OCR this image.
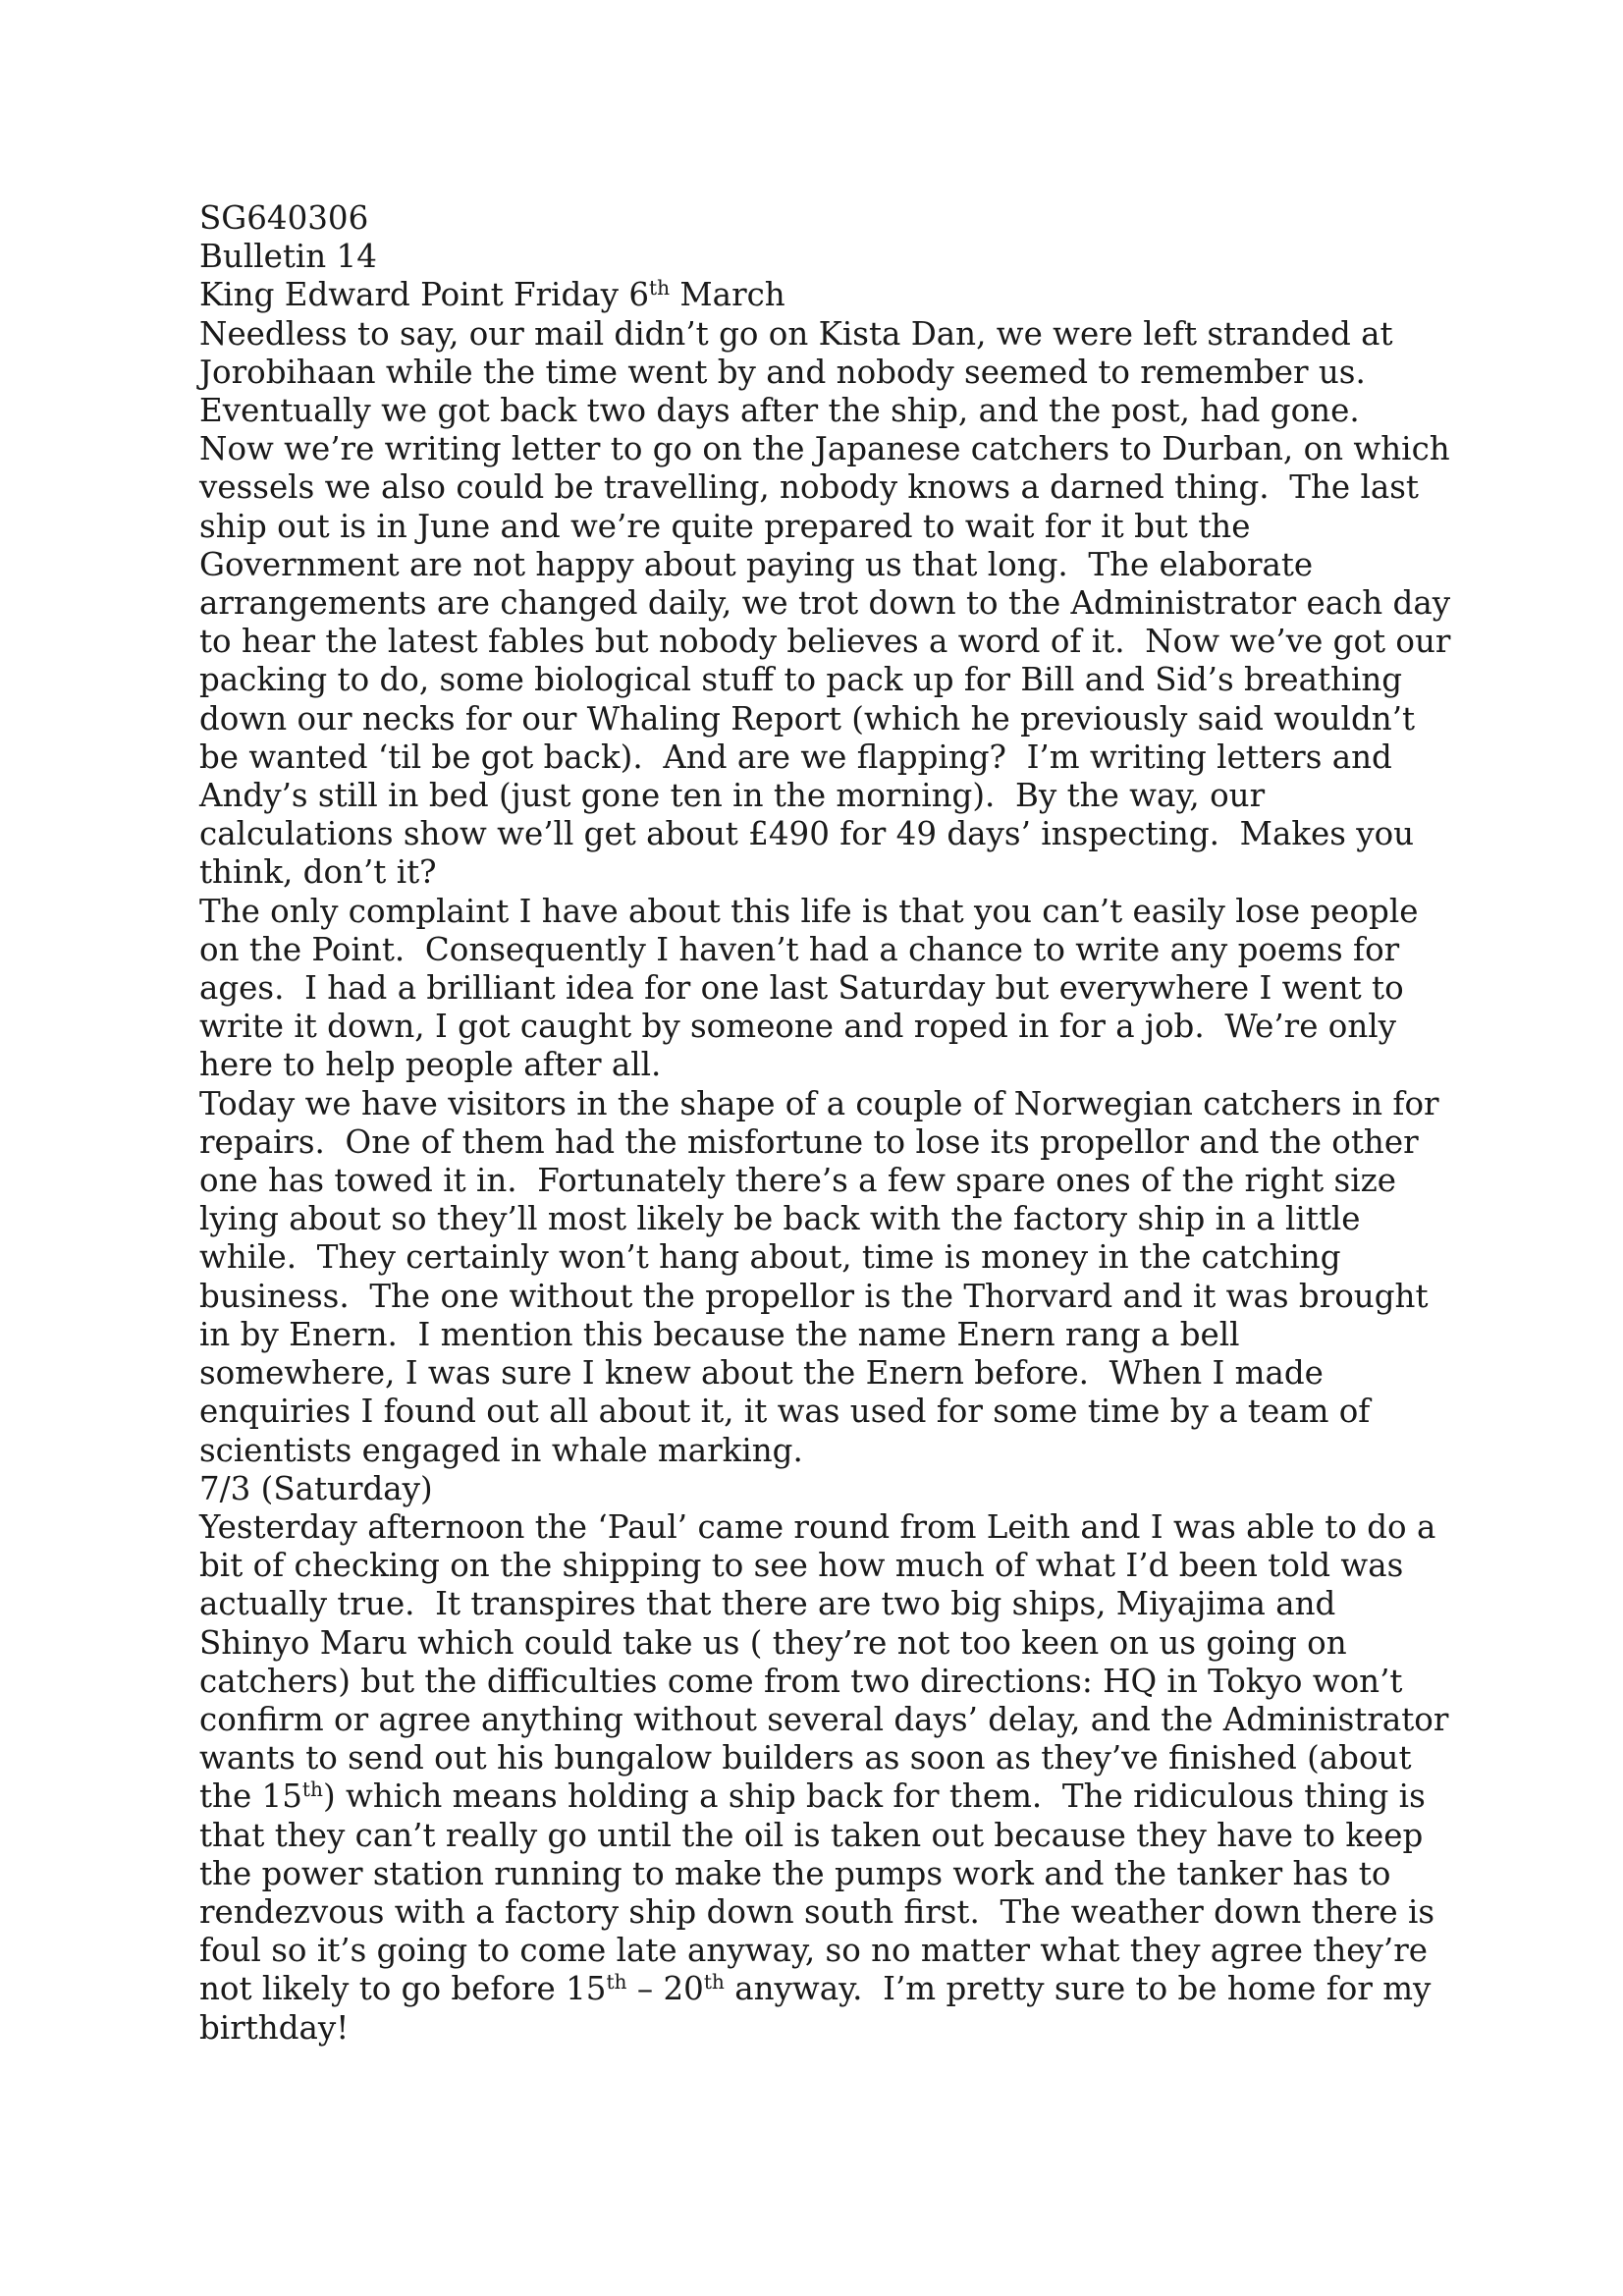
SG640306
Bulletin 14
King Edward Point Friday 6th March
Needless to say, our mail didn’t go on Kista Dan, we were left stranded at
Jorobihaan while the time went by and nobody seemed to remember us.
Eventually we got back two days after the ship, and the post, had gone.
Now we’re writing letter to go on the Japanese catchers to Durban, on which
vessels we also could be travelling, nobody knows a darned thing.  The last
ship out is in June and we’re quite prepared to wait for it but the
Government are not happy about paying us that long.  The elaborate
arrangements are changed daily, we trot down to the Administrator each day
to hear the latest fables but nobody believes a word of it.  Now we’ve got our
packing to do, some biological stuff to pack up for Bill and Sid’s breathing
down our necks for our Whaling Report (which he previously said wouldn’t
be wanted ‘til be got back).  And are we flapping?  I’m writing letters and
Andy’s still in bed (just gone ten in the morning).  By the way, our
calculations show we’ll get about £490 for 49 days’ inspecting.  Makes you
think, don’t it?
The only complaint I have about this life is that you can’t easily lose people
on the Point.  Consequently I haven’t had a chance to write any poems for
ages.  I had a brilliant idea for one last Saturday but everywhere I went to
write it down, I got caught by someone and roped in for a job.  We’re only
here to help people after all.
Today we have visitors in the shape of a couple of Norwegian catchers in for
repairs.  One of them had the misfortune to lose its propellor and the other
one has towed it in.  Fortunately there’s a few spare ones of the right size
lying about so they’ll most likely be back with the factory ship in a little
while.  They certainly won’t hang about, time is money in the catching
business.  The one without the propellor is the Thorvard and it was brought
in by Enern.  I mention this because the name Enern rang a bell
somewhere, I was sure I knew about the Enern before.  When I made
enquiries I found out all about it, it was used for some time by a team of
scientists engaged in whale marking.
7/3 (Saturday)
Yesterday afternoon the ‘Paul’ came round from Leith and I was able to do a
bit of checking on the shipping to see how much of what I’d been told was
actually true.  It transpires that there are two big ships, Miyajima and
Shinyo Maru which could take us ( they’re not too keen on us going on
catchers) but the difficulties come from two directions: HQ in Tokyo won’t
confirm or agree anything without several days’ delay, and the Administrator
wants to send out his bungalow builders as soon as they’ve finished (about
the 15th) which means holding a ship back for them.  The ridiculous thing is
that they can’t really go until the oil is taken out because they have to keep
the power station running to make the pumps work and the tanker has to
rendezvous with a factory ship down south first.  The weather down there is
foul so it’s going to come late anyway, so no matter what they agree they’re
not likely to go before 15th – 20th anyway.  I’m pretty sure to be home for my
birthday!
